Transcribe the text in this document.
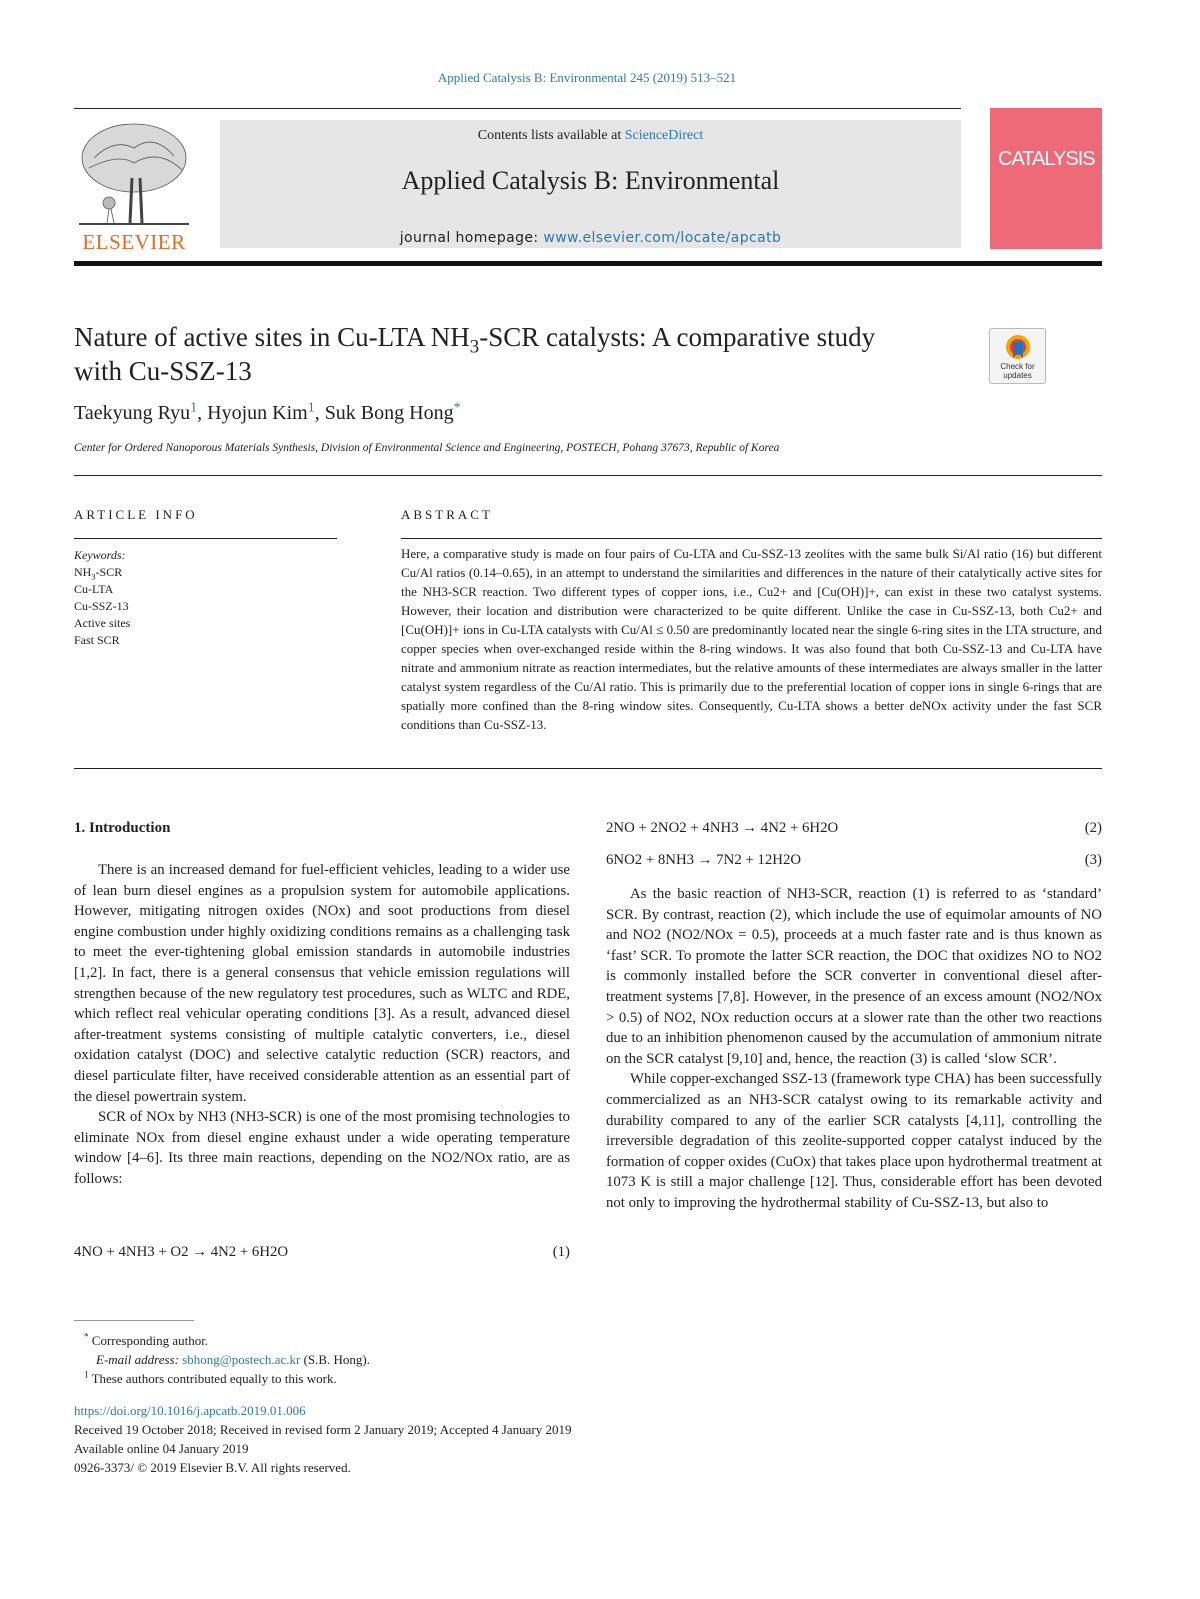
Applied Catalysis B: Environmental 245 (2019) 513–521
ELSEVIER
Contents lists available at ScienceDirect
Applied Catalysis B: Environmental
journal homepage: www.elsevier.com/locate/apcatb
CATALYSIS
Nature of active sites in Cu-LTA $NH_3$-SCR catalysts: A comparative study
with Cu-SSZ-13	Check for updates
Taekyung Ryu$^1$, Hyojun Kim$^1$, Suk Bong Hong*
Center for Ordered Nanoporous Materials Synthesis, Division of Environmental Science and Engineering, POSTECH, Pohang 37673, Republic of Korea
ARTICLE INFO
Keywords:
$NH_3$-SCR
Cu-LTA
Cu-SSZ-13
Active sites
Fast SCR
ABSTRACT
Here, a comparative study is made on four pairs of Cu-LTA and Cu-SSZ-13 zeolites with the same bulk Si/Al ratio (16) but different Cu/Al ratios (0.14–0.65), in an attempt to understand the similarities and differences in the nature of their catalytically active sites for the NH3-SCR reaction. Two different types of copper ions, i.e., Cu2+ and [Cu(OH)]+, can exist in these two catalyst systems. However, their location and distribution were characterized to be quite different. Unlike the case in Cu-SSZ-13, both Cu2+ and [Cu(OH)]+ ions in Cu-LTA catalysts with Cu/Al ≤ 0.50 are predominantly located near the single 6-ring sites in the LTA structure, and copper species when over-exchanged reside within the 8-ring windows. It was also found that both Cu-SSZ-13 and Cu-LTA have nitrate and ammonium nitrate as reaction intermediates, but the relative amounts of these intermediates are always smaller in the latter catalyst system regardless of the Cu/Al ratio. This is primarily due to the preferential location of copper ions in single 6-rings that are spatially more confined than the 8-ring window sites. Consequently, Cu-LTA shows a better deNOx activity under the fast SCR conditions than Cu-SSZ-13.
1. Introduction

There is an increased demand for fuel-efficient vehicles, leading to a wider use of lean burn diesel engines as a propulsion system for automobile applications. However, mitigating nitrogen oxides (NOx) and soot productions from diesel engine combustion under highly oxidizing conditions remains as a challenging task to meet the ever-tightening global emission standards in automobile industries [1,2]. In fact, there is a general consensus that vehicle emission regulations will strengthen because of the new regulatory test procedures, such as WLTC and RDE, which reflect real vehicular operating conditions [3]. As a result, advanced diesel after-treatment systems consisting of multiple catalytic converters, i.e., diesel oxidation catalyst (DOC) and selective catalytic reduction (SCR) reactors, and diesel particulate filter, have received considerable attention as an essential part of the diesel powertrain system.

SCR of NOx by NH3 (NH3-SCR) is one of the most promising technologies to eliminate NOx from diesel engine exhaust under a wide operating temperature window [4–6]. Its three main reactions, depending on the NO2/NOx ratio, are as follows:

4NO + 4NH3 + O2 → 4N2 + 6H2O	(1)
2NO + 2NO2 + 4NH3 → 4N2 + 6H2O	(2)
6NO2 + 8NH3 → 7N2 + 12H2O	(3)

As the basic reaction of NH3-SCR, reaction (1) is referred to as ‘standard’ SCR. By contrast, reaction (2), which include the use of equimolar amounts of NO and NO2 (NO2/NOx = 0.5), proceeds at a much faster rate and is thus known as ‘fast’ SCR. To promote the latter SCR reaction, the DOC that oxidizes NO to NO2 is commonly installed before the SCR converter in conventional diesel after-treatment systems [7,8]. However, in the presence of an excess amount (NO2/NOx > 0.5) of NO2, NOx reduction occurs at a slower rate than the other two reactions due to an inhibition phenomenon caused by the accumulation of ammonium nitrate on the SCR catalyst [9,10] and, hence, the reaction (3) is called ‘slow SCR’.

While copper-exchanged SSZ-13 (framework type CHA) has been successfully commercialized as an NH3-SCR catalyst owing to its remarkable activity and durability compared to any of the earlier SCR catalysts [4,11], controlling the irreversible degradation of this zeolite-supported copper catalyst induced by the formation of copper oxides (CuOx) that takes place upon hydrothermal treatment at 1073 K is still a major challenge [12]. Thus, considerable effort has been devoted not only to improving the hydrothermal stability of Cu-SSZ-13, but also to

* Corresponding author.
E-mail address: sbhong@postech.ac.kr (S.B. Hong).
$^1$ These authors contributed equally to this work.
https://doi.org/10.1016/j.apcatb.2019.01.006
Received 19 October 2018; Received in revised form 2 January 2019; Accepted 4 January 2019
Available online 04 January 2019
0926-3373/ © 2019 Elsevier B.V. All rights reserved.
